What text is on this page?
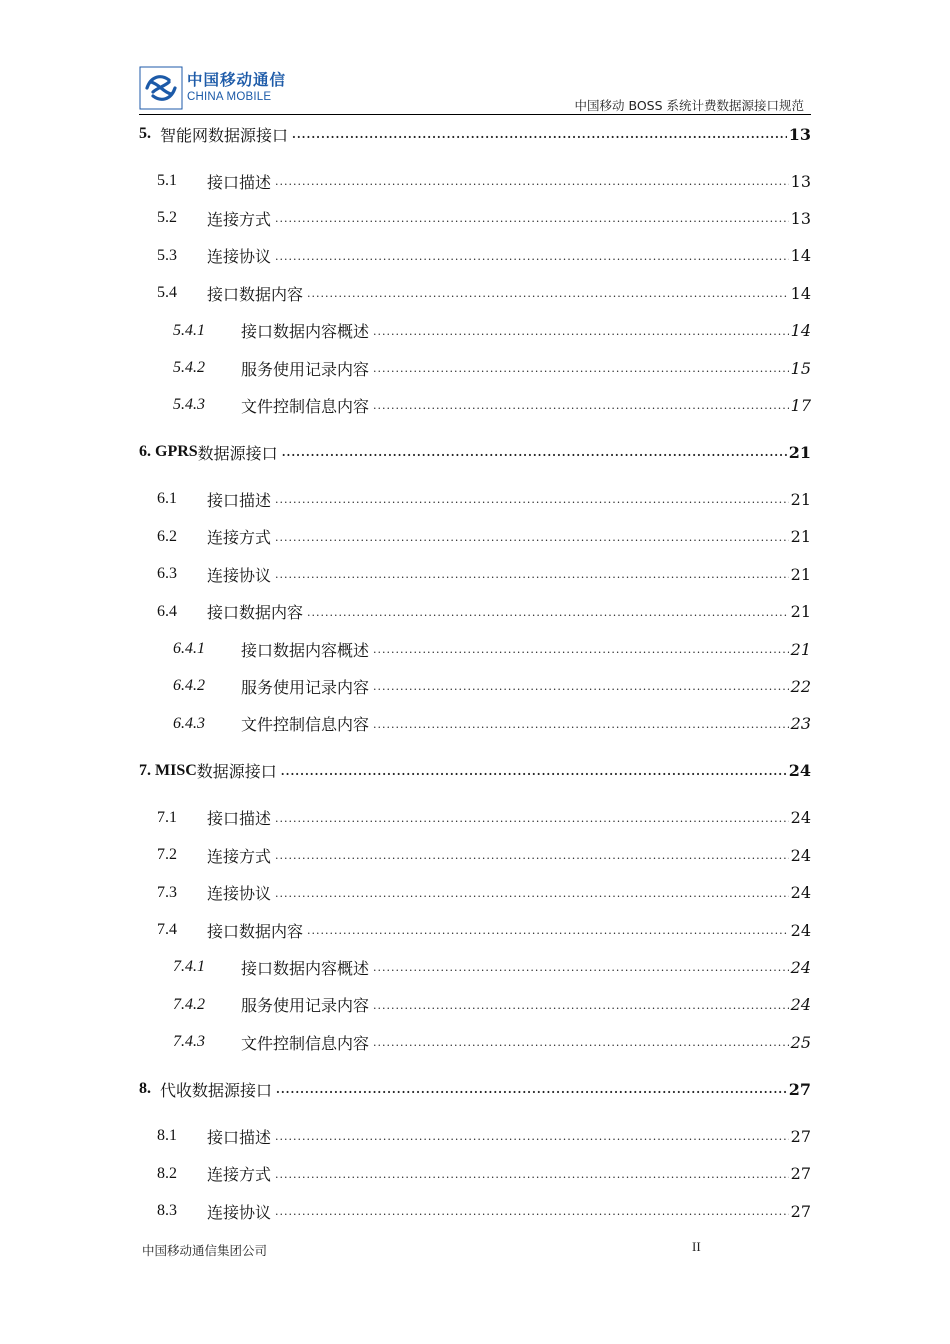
中国移动通信
CHINA MOBILE
中国移动 BOSS 系统计费数据源接口规范
5. 智能网数据源接口 .....	13
5.1	接口描述 .....	13
5.2	连接方式 .....	13
5.3	连接协议 .....	14
5.4	接口数据内容 .....	14
5.4.1	接口数据内容概述 .....	14
5.4.2	服务使用记录内容 .....	15
5.4.3	文件控制信息内容 .....	17
6. GPRS 数据源接口 .....	21
6.1	接口描述 .....	21
6.2	连接方式 .....	21
6.3	连接协议 .....	21
6.4	接口数据内容 .....	21
6.4.1	接口数据内容概述 .....	21
6.4.2	服务使用记录内容 .....	22
6.4.3	文件控制信息内容 .....	23
7. MISC 数据源接口 .....	24
7.1	接口描述 .....	24
7.2	连接方式 .....	24
7.3	连接协议 .....	24
7.4	接口数据内容 .....	24
7.4.1	接口数据内容概述 .....	24
7.4.2	服务使用记录内容 .....	24
7.4.3	文件控制信息内容 .....	25
8. 代收数据源接口 .....	27
8.1	接口描述 .....	27
8.2	连接方式 .....	27
8.3	连接协议 .....	27
中国移动通信集团公司	II
